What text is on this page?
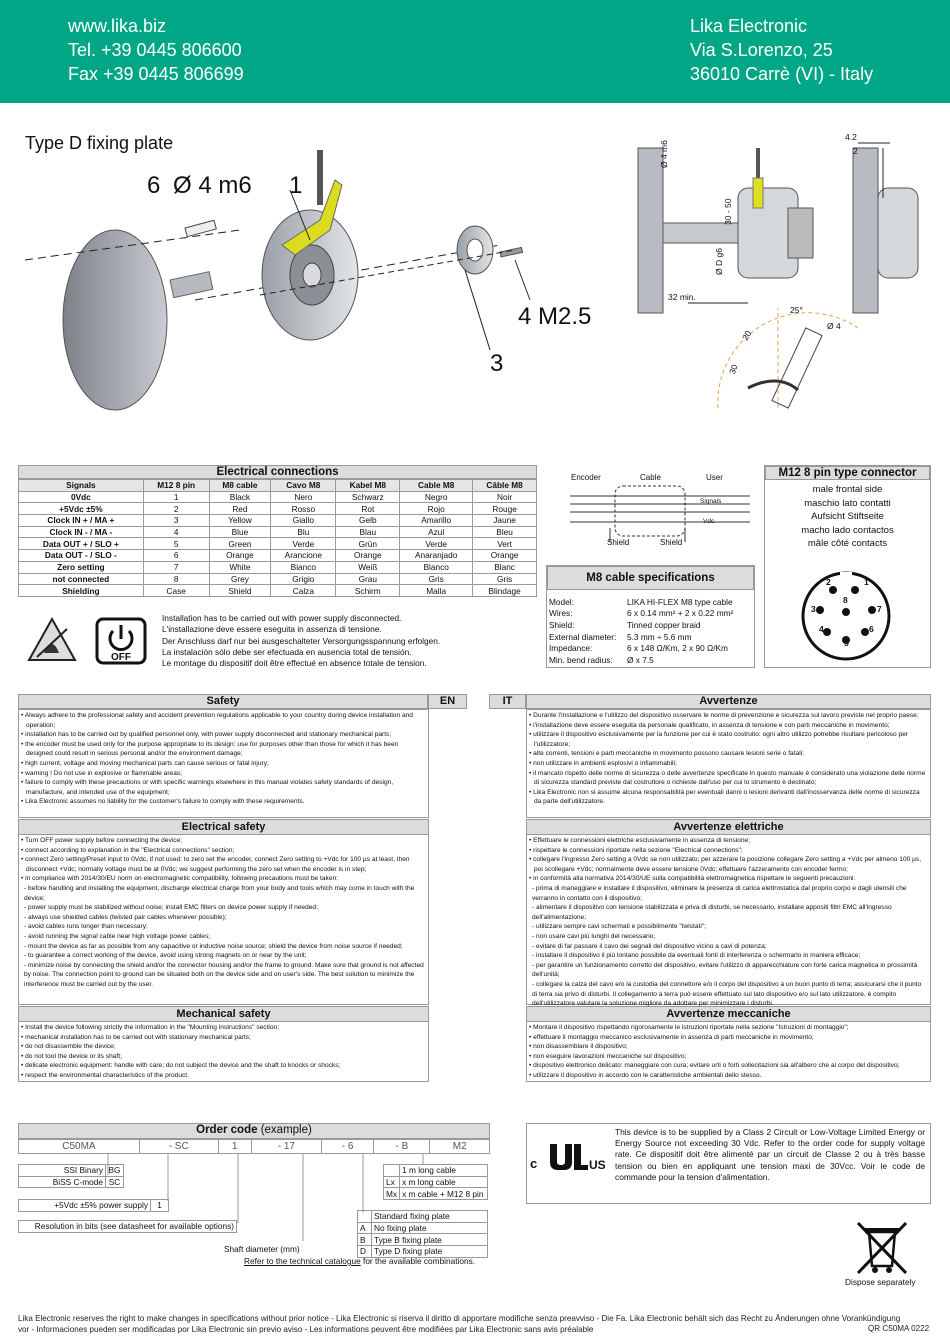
www.lika.biz
Tel. +39 0445 806600
Fax +39 0445 806699
Lika Electronic
Via S.Lorenzo, 25
36010 Carrè (VI) - Italy
Type D fixing plate
6 Ø 4 m6 1
4 M2.5
3
Ø 4 m6
30 - 50
Ø D g6
32 min.
4.2
2
25°
Ø 4
20
30
Electrical connections
Signals	M12 8 pin	M8 cable	Cavo M8	Kabel M8	Cable M8	Câble M8
0Vdc	1	Black	Nero	Schwarz	Negro	Noir
+5Vdc ±5%	2	Red	Rosso	Rot	Rojo	Rouge
Clock IN + / MA +	3	Yellow	Giallo	Gelb	Amarillo	Jaune
Clock IN - / MA -	4	Blue	Blu	Blau	Azul	Bleu
Data OUT + / SLO +	5	Green	Verde	Grün	Verde	Vert
Data OUT - / SLO -	6	Orange	Arancione	Orange	Anaranjado	Orange
Zero setting	7	White	Bianco	Weiß	Blanco	Blanc
not connected	8	Grey	Grigio	Grau	Gris	Gris
Shielding	Case	Shield	Calza	Schirm	Malla	Blindage
OFF
Installation has to be carried out with power supply disconnected.
L'installazione deve essere eseguita in assenza di tensione.
Der Anschluss darf nur bei ausgeschalteter Versorgungsspannung erfolgen.
La instalación sólo debe ser efectuada en ausencia total de tensión.
Le montage du dispositif doit être effectué en absence totale de tension.
Encoder	Cable	User
Signals
Vdc
Shield	Shield
M8 cable specifications
Model:	LIKA HI-FLEX M8 type cable
Wires:	6 x 0.14 mm² + 2 x 0.22 mm²
Shield:	Tinned copper braid
External diameter:	5.3 mm ÷ 5.6 mm
Impedance:	6 x 148 Ω/Km, 2 x 90 Ω/Km
Min. bend radius:	Ø x 7.5
M12 8 pin type connector
male frontal side
maschio lato contatti
Aufsicht Stiftseite
macho lado contactos
mâle côté contacts
1
2
3
4
5
6
7
8
Safety	EN

• Always adhere to the professional safety and accident prevention regulations applicable to your country during device installation and operation;

• installation has to be carried out by qualified personnel only, with power supply disconnected and stationary mechanical parts;

• the encoder must be used only for the purpose appropriate to its design: use for purposes other than those for which it has been designed could result in serious personal and/or the environment damage;

• high current, voltage and moving mechanical parts can cause serious or fatal injury;

• warning ! Do not use in explosive or flammable areas;

• failure to comply with these precautions or with specific warnings elsewhere in this manual violates safety standards of design, manufacture, and intended use of the equipment;

• Lika Electronic assumes no liability for the customer's failure to comply with these requirements.

Electrical safety

• Turn OFF power supply before connecting the device;

• connect according to explanation in the "Electrical connections" section;

• connect Zero setting/Preset input to 0Vdc, if not used; to zero set the encoder, connect Zero setting to +Vdc for 100 µs at least, then disconnect +Vdc; normally voltage must be at 0Vdc; we suggest performing the zero set when the encoder is in step;

• in compliance with 2014/30/EU norm on electromagnetic compatibility, following precautions must be taken:

- before handling and installing the equipment, discharge electrical charge from your body and tools which may come in touch with the device;

- power supply must be stabilized without noise; install EMC filters on device power supply if needed;

- always use shielded cables (twisted pair cables whenever possible);

- avoid cables runs longer than necessary;

- avoid running the signal cable near high voltage power cables;

- mount the device as far as possible from any capacitive or inductive noise source; shield the device from noise source if needed;

- to guarantee a correct working of the device, avoid using strong magnets on or near by the unit;

- minimize noise by connecting the shield and/or the connector housing and/or the frame to ground. Make sure that ground is not affected by noise. The connection point to ground can be situated both on the device side and on user's side. The best solution to minimize the interference must be carried out by the user.

Mechanical safety

• Install the device following strictly the information in the "Mounting instructions" section;

• mechanical installation has to be carried out with stationary mechanical parts;

• do not disassemble the device;

• do not tool the device or its shaft;

• delicate electronic equipment: handle with care; do not subject the device and the shaft to knocks or shocks;

• respect the environmental characteristics of the product.

IT	Avvertenze

• Durante l'installazione e l'utilizzo del dispositivo osservare le norme di prevenzione e sicurezza sul lavoro previste nel proprio paese;

• l'installazione deve essere eseguita da personale qualificato, in assenza di tensione e con parti meccaniche in movimento;

• utilizzare il dispositivo esclusivamente per la funzione per cui è stato costruito: ogni altro utilizzo potrebbe risultare pericoloso per l'utilizzatore;

• alte correnti, tensioni e parti meccaniche in movimento possono causare lesioni serie o fatali;

• non utilizzare in ambienti esplosivi o infiammabili;

• il mancato rispetto delle norme di sicurezza o delle avvertenze specificate in questo manuale è considerato una violazione delle norme di sicurezza standard previste dal costruttore o richieste dall'uso per cui lo strumento è destinato;

• Lika Electronic non si assume alcuna responsabilità per eventuali danni o lesioni derivanti dall'inosservanza delle norme di sicurezza da parte dell'utilizzatore.

Avvertenze elettriche

• Effettuare le connessioni elettriche esclusivamente in assenza di tensione;

• rispettare le connessioni riportate nella sezione "Electrical connections";

• collegare l'ingresso Zero setting a 0Vdc se non utilizzato; per azzerare la posizione collegare Zero setting a +Vdc per almeno 100 µs, poi scollegare +Vdc; normalmente deve essere tensione 0Vdc; effettuare l'azzeramento con encoder fermo;

• in conformità alla normativa 2014/30/UE sulla compatibilità elettromagnetica rispettare le seguenti precauzioni:

- prima di maneggiare e installare il dispositivo, eliminare la presenza di carica elettrostatica dal proprio corpo e dagli utensili che verranno in contatto con il dispositivo;

- alimentare il dispositivo con tensione stabilizzata e priva di disturbi, se necessario, installare appositi filtri EMC all'ingresso dell'alimentazione;

- utilizzare sempre cavi schermati e possibilmente "twistati";

- non usare cavi più lunghi del necessario;

- evitare di far passare il cavo dei segnali del dispositivo vicino a cavi di potenza;

- installare il dispositivo il più lontano possibile da eventuali fonti di interferenza o schermarlo in maniera efficace;

- per garantire un funzionamento corretto del dispositivo, evitare l'utilizzo di apparecchiature con forte carica magnetica in prossimità dell'unità;

- collegare la calza del cavo e/o la custodia del connettore e/o il corpo del dispositivo a un buon punto di terra; assicurarsi che il punto di terra sia privo di disturbi. Il collegamento a terra può essere effettuato sul lato dispositivo e/o sul lato utilizzatore, è compito dell'utilizzatore valutare la soluzione migliore da adottare per minimizzare i disturbi.

Avvertenze meccaniche

• Montare il dispositivo rispettando rigorosamente le istruzioni riportate nella sezione "Istruzioni di montaggio";

• effettuare il montaggio meccanico esclusivamente in assenza di parti meccaniche in movimento;

• non disassemblare il dispositivo;

• non eseguire lavorazioni meccaniche sul dispositivo;

• dispositivo elettronico delicato: maneggiare con cura; evitare urti o forti sollecitazioni sia all'albero che al corpo del dispositivo;

• utilizzare il dispositivo in accordo con le caratteristiche ambientali dello stesso.

Order code (example)
C50MA	- SC	1	- 17	- 6	- B	M2
SSI Binary	BG
BiSS C-mode	SC
+5Vdc ±5% power supply	1
Resolution in bits (see datasheet for available options)
Shaft diameter (mm)
	1 m long cable
Lx	x m long cable
Mx	x m cable + M12 8 pin
	Standard fixing plate
A	No fixing plate
B	Type B fixing plate
D	Type D fixing plate
Refer to the technical catalogue for the available combinations.
c	US
This device is to be supplied by a Class 2 Circuit or Low-Voltage Limited Energy or Energy Source not exceeding 30 Vdc. Refer to the order code for supply voltage rate. Ce dispositif doit être alimenté par un circuit de Classe 2 ou à très basse tension ou bien en appliquant une tension maxi de 30Vcc. Voir le code de commande pour la tension d'alimentation.
Dispose separately
Lika Electronic reserves the right to make changes in specifications without prior notice - Lika Electronic si riserva il diritto di apportare modifiche senza preavviso - Die Fa. Lika Electronic behält sich das Recht zu Änderungen ohne Vorankündigung
vor - Informaciones pueden ser modificadas por Lika Electronic sin previo aviso - Les informations peuvent être modifiées par Lika Electronic sans avis préalable	QR C50MA 0222
